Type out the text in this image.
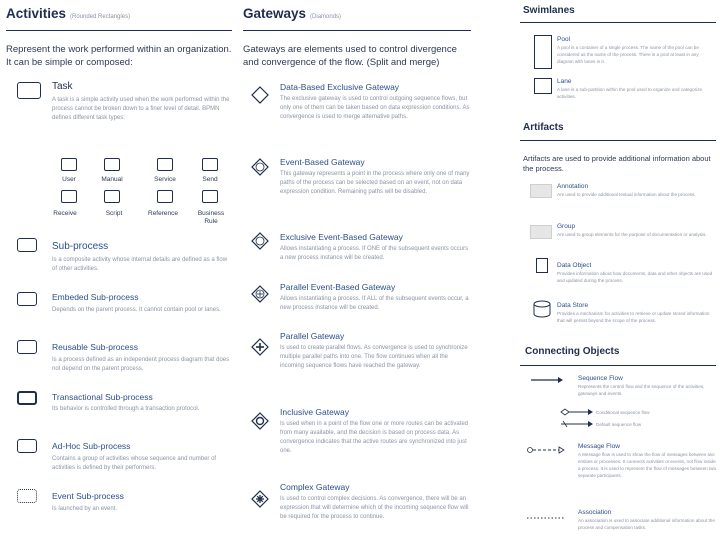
Activities (Rounded Rectangles)
Represent the work performed within an organization. It can be simple or composed:
Task
A task is a simple activity used when the work performed within the process cannot be broken down to a finer level of detail. BPMN defines different task types:
User	Manual	Service	Send
Receive	Script	Reference	Business Rule
Sub-process
Is a composite activity whose internal details are defined as a flow of other activities.
Embeded Sub-process
Depends on the parent process. It cannot contain pool or lanes.
Reusable Sub-process
Is a process defined as an independent process diagram that does not depend on the parent process.
Transactional Sub-process
Its behavior is controlled through a transaction protocol.
Ad-Hoc Sub-process
Contains a group of activities whose sequence and number of activities is defined by their performers.
Event Sub-process
Is launched by an event.
Gateways (Diamonds)
Gateways are elements used to control divergence and convergence of the flow. (Split and merge)
Data-Based Exclusive Gateway
The exclusive gateway is used to control outgoing sequence flows, but only one of them can be taken based on data expression conditions. As convergence is used to merge alternative paths.
Event-Based Gateway
This gateway represents a point in the process where only one of many paths of the process can be selected based on an event, not on data expression condition. Remaining paths will be disabled.
Exclusive Event-Based Gateway
Allows instantiating a process. If ONE of the subsequent events occurs a new process instance will be created.
Parallel Event-Based Gateway
Allows instantiating a process. If ALL of the subsequent events occur, a new process instance will be created.
Parallel Gateway
Is used to create parallel flows. As convergence is used to synchronize multiple parallel paths into one. The flow continues when all the incoming sequence flows have reached the gateway.
Inclusive Gateway
Is used when in a point of the flow one or more routes can be activated from many available, and the decision is based on process data. As convergence indicates that the active routes are synchronized into just one.
Complex Gateway
Is used to control complex decisions. As convergence, there will be an expression that will determine which of the incoming sequence flow will be required for the process to continue.
Swimlanes
Pool
A pool is a container of a single process. The name of the pool can be considered as the name of the process. There is a pool at least in any diagram with lanes in it.
Lane
A lane is a sub-partition within the pool used to organize and categorize activities.
Artifacts
Artifacts are used to provide additional information about the process.
Annotation
Are used to provide additional textual information about the process.
Group
Are used to group elements for the purpose of documentation or analysis.
Data Object
Provides information about how documents, data and other objects are used and updated during the process.
Data Store
Provides a mechanism for activities to retrieve or update stored information that will persist beyond the scope of the process.
Connecting Objects
Sequence Flow
Represents the control flow and the sequence of the activities, gateways and events.
Conditional sequence flow
Default sequence flow
Message Flow
A Message flow is used to show the flow of messages between two entities or processes. It connects activities or events, not flow inside a process. It is used to represent the flow of messages between two separate participants.
Association
An association is used to associate additional information about the process and compensation tasks.
